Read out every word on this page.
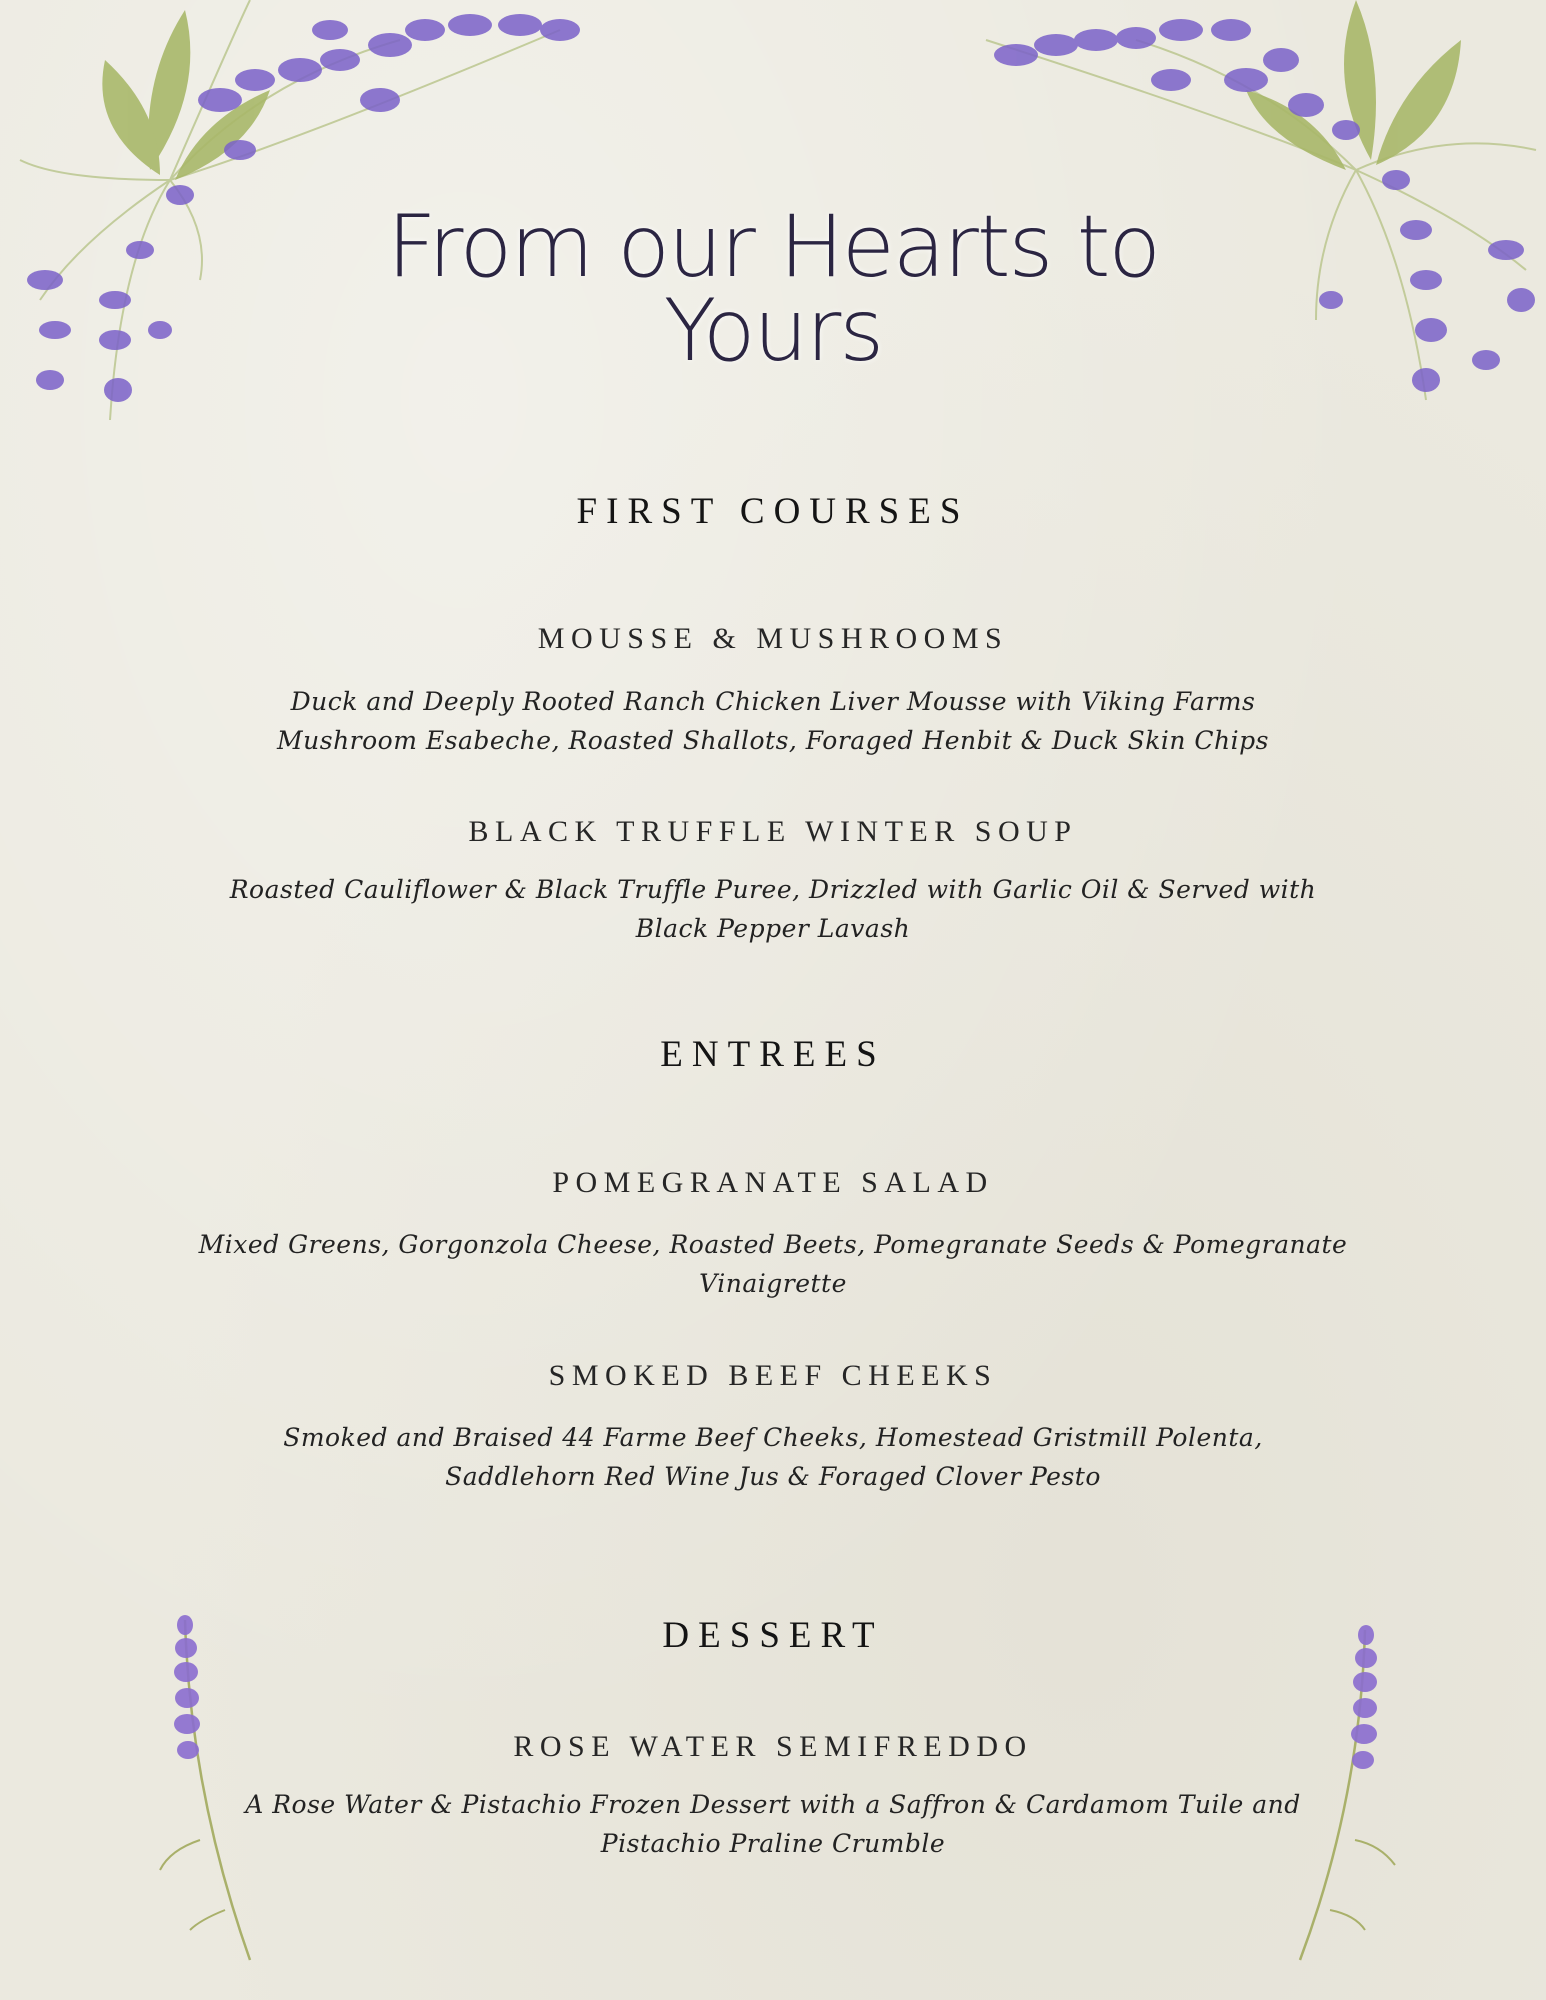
From our Hearts to Yours
FIRST COURSES
MOUSSE & MUSHROOMS
Duck and Deeply Rooted Ranch Chicken Liver Mousse with Viking Farms
Mushroom Esabeche, Roasted Shallots, Foraged Henbit & Duck Skin Chips
BLACK TRUFFLE WINTER SOUP
Roasted Cauliflower & Black Truffle Puree, Drizzled with Garlic Oil & Served with
Black Pepper Lavash
ENTREES
POMEGRANATE SALAD
Mixed Greens, Gorgonzola Cheese, Roasted Beets, Pomegranate Seeds & Pomegranate
Vinaigrette
SMOKED BEEF CHEEKS
Smoked and Braised 44 Farme Beef Cheeks, Homestead Gristmill Polenta,
Saddlehorn Red Wine Jus & Foraged Clover Pesto
DESSERT
ROSE WATER SEMIFREDDO
A Rose Water & Pistachio Frozen Dessert with a Saffron & Cardamom Tuile and
Pistachio Praline Crumble
